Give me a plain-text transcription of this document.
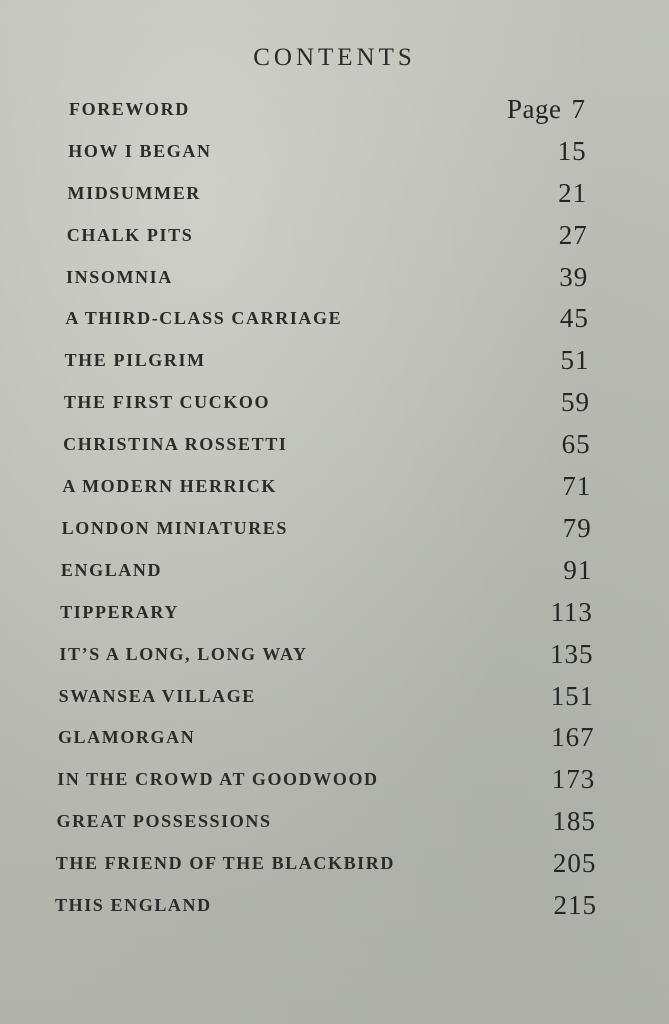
CONTENTS
FOREWORD	Page 7
HOW I BEGAN	15
MIDSUMMER	21
CHALK PITS	27
INSOMNIA	39
A THIRD-CLASS CARRIAGE	45
THE PILGRIM	51
THE FIRST CUCKOO	59
CHRISTINA ROSSETTI	65
A MODERN HERRICK	71
LONDON MINIATURES	79
ENGLAND	91
TIPPERARY	113
IT’S A LONG, LONG WAY	135
SWANSEA VILLAGE	151
GLAMORGAN	167
IN THE CROWD AT GOODWOOD	173
GREAT POSSESSIONS	185
THE FRIEND OF THE BLACKBIRD	205
THIS ENGLAND	215
